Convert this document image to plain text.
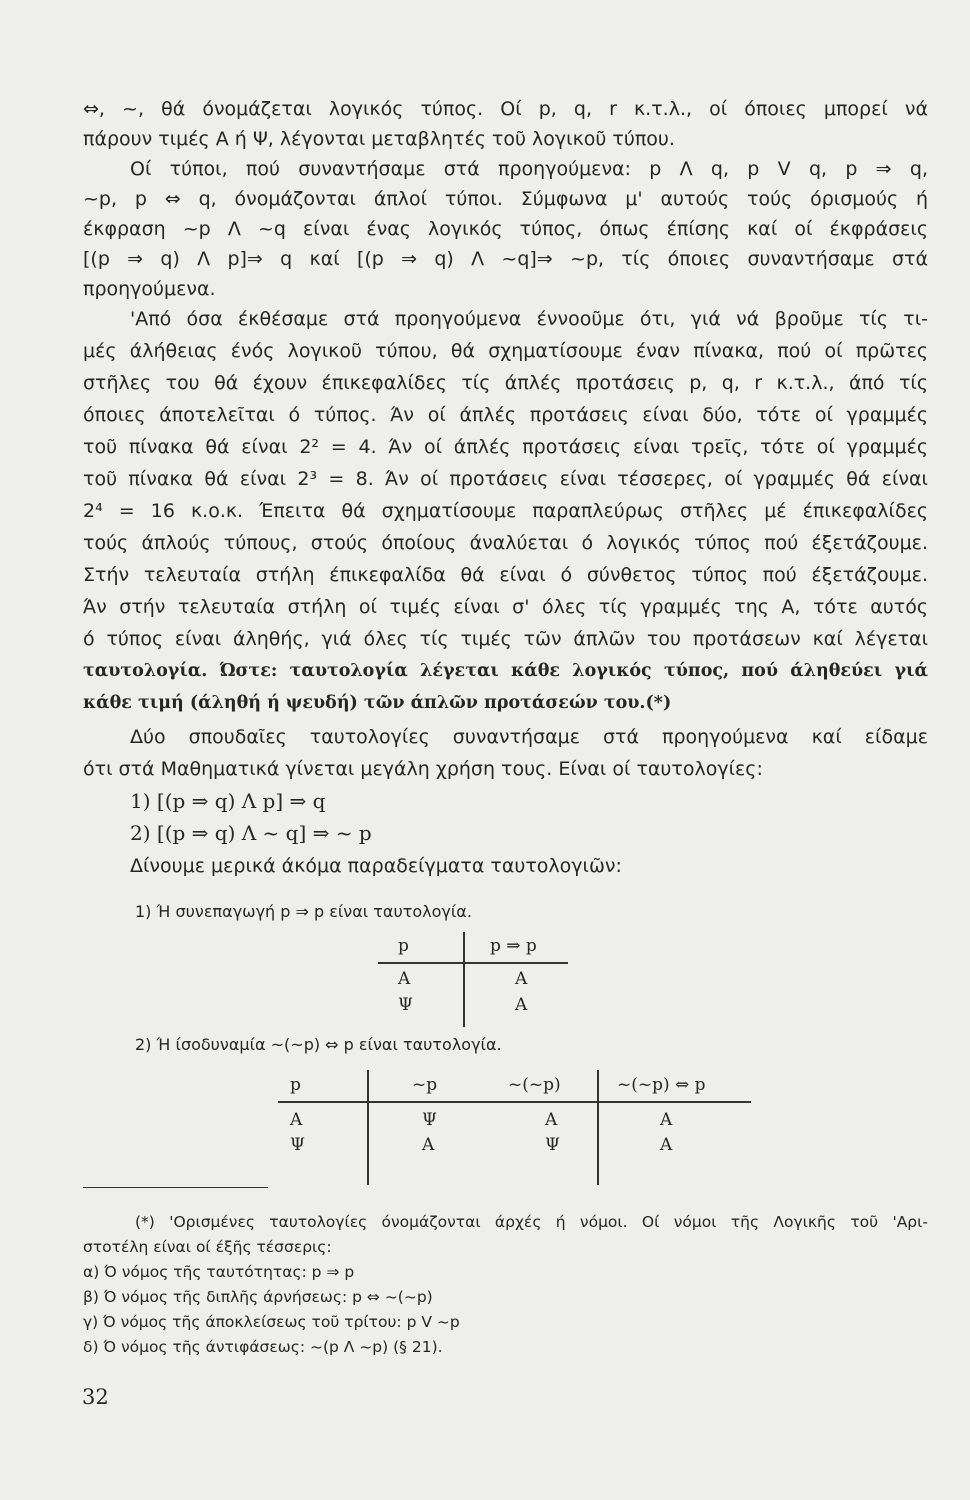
⇔, ~, θά όνομάζεται λογικός τύπος. Οί p, q, r κ.τ.λ., οί όποιες μπορεί νά
πάρουν τιμές Α ή Ψ, λέγονται μεταβλητές τοῦ λογικοῦ τύπου.
Οί τύποι, πού συναντήσαμε στά προηγούμενα: p Λ q, p V q, p ⇒ q,
~p, p ⇔ q, όνομάζονται άπλοί τύποι. Σύμφωνα μ' αυτούς τούς όρισμούς ή
έκφραση ~p Λ ~q είναι ένας λογικός τύπος, όπως έπίσης καί οί έκφράσεις
[(p ⇒ q) Λ p]⇒ q καί [(p ⇒ q) Λ ~q]⇒ ~p, τίς όποιες συναντήσαμε στά
προηγούμενα.
'Από όσα έκθέσαμε στά προηγούμενα έννοοῦμε ότι, γιά νά βροῦμε τίς τι-
μές άλήθειας ένός λογικοῦ τύπου, θά σχηματίσουμε έναν πίνακα, πού οί πρῶτες
στῆλες του θά έχουν έπικεφαλίδες τίς άπλές προτάσεις p, q, r κ.τ.λ., άπό τίς
όποιες άποτελεῖται ό τύπος. Άν οί άπλές προτάσεις είναι δύο, τότε οί γραμμές
τοῦ πίνακα θά είναι 2² = 4. Άν οί άπλές προτάσεις είναι τρεῖς, τότε οί γραμμές
τοῦ πίνακα θά είναι 2³ = 8. Άν οί προτάσεις είναι τέσσερες, οί γραμμές θά είναι
2⁴ = 16 κ.ο.κ. Έπειτα θά σχηματίσουμε παραπλεύρως στῆλες μέ έπικεφαλίδες
τούς άπλούς τύπους, στούς όποίους άναλύεται ό λογικός τύπος πού έξετάζουμε.
Στήν τελευταία στήλη έπικεφαλίδα θά είναι ό σύνθετος τύπος πού έξετάζουμε.
Άν στήν τελευταία στήλη οί τιμές είναι σ' όλες τίς γραμμές της Α, τότε αυτός
ό τύπος είναι άληθής, γιά όλες τίς τιμές τῶν άπλῶν του προτάσεων καί λέγεται
ταυτολογία. Ώστε: ταυτολογία λέγεται κάθε λογικός τύπος, πού άληθεύει γιά
κάθε τιμή (άληθή ή ψευδή) τῶν άπλῶν προτάσεών του.(*)
Δύο σπουδαῖες ταυτολογίες συναντήσαμε στά προηγούμενα καί είδαμε
ότι στά Μαθηματικά γίνεται μεγάλη χρήση τους. Είναι οί ταυτολογίες:
1) [(p ⇒ q) Λ p] ⇒ q
2) [(p ⇒ q) Λ ~ q] ⇒ ~ p
Δίνουμε μερικά άκόμα παραδείγματα ταυτολογιῶν:
1) Ή συνεπαγωγή p ⇒ p είναι ταυτολογία.
p	p ⇒ p
Α	Α
Ψ	Α
2) Ή ίσοδυναμία ~(~p) ⇔ p είναι ταυτολογία.
p	~p	~(~p)	~(~p) ⇔ p
Α	Ψ	Α	Α
Ψ	Α	Ψ	Α
(*) 'Ορισμένες ταυτολογίες όνομάζονται άρχές ή νόμοι. Οί νόμοι τῆς Λογικῆς τοῦ 'Αρι-
στοτέλη είναι οί έξῆς τέσσερις:
α) Ό νόμος τῆς ταυτότητας: p ⇒ p
β) Ό νόμος τῆς διπλῆς άρνήσεως: p ⇔ ~(~p)
γ) Ό νόμος τῆς άποκλείσεως τοῦ τρίτου: p V ~p
δ) Ό νόμος τῆς άντιφάσεως: ~(p Λ ~p) (§ 21).
32
